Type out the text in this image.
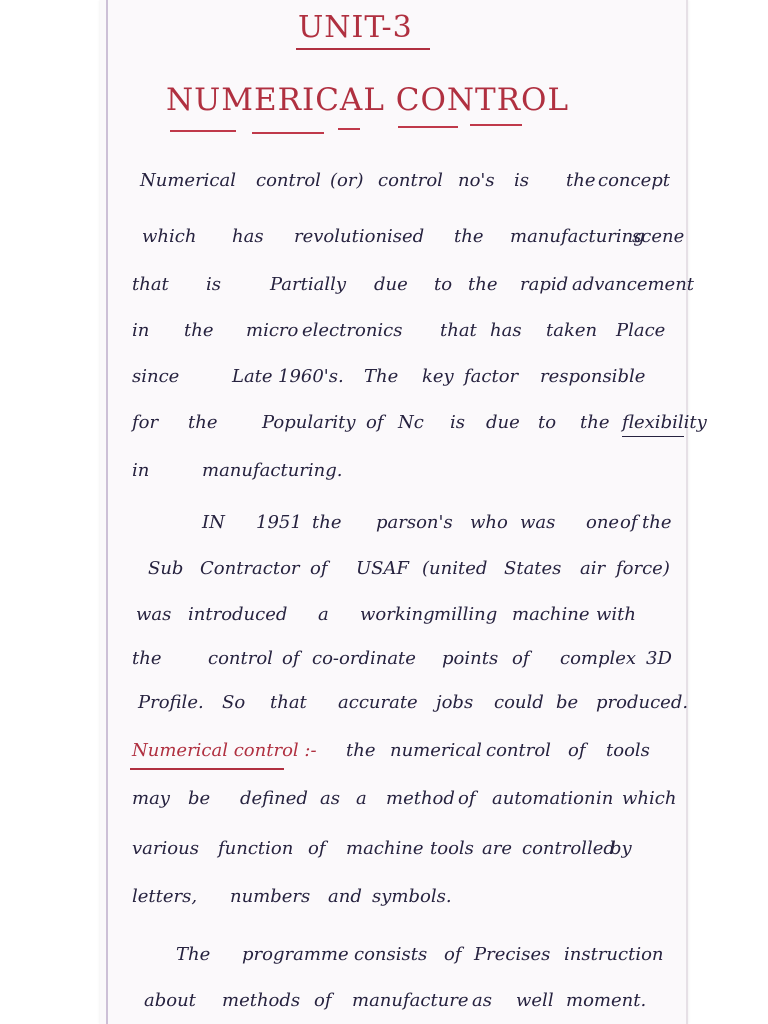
UNIT-3
NUMERICAL CONTROL
Numerical control (or) control no's is the concept
which has revolutionised the manufacturing
scene
that is	Partially due to the rapid advancement
in the micro electronics that has taken Place
since	Late 1960's. The key factor responsible
for the Popularity of Nc is due to the flexibility
in	manufacturing.
IN 1951 the parson's who was one of the
Sub Contractor of USAF (united States air force)
was introduced a working milling machine with
the	control of co-ordinate points of complex 3D
Profile. So that accurate jobs could be produced.
Numerical control :- the numerical control of tools
may be defined as a method of automation in which
various function of machine tools are controlled
by
letters, numbers and symbols.
The programme consists of Precises instruction
about methods of manufacture as well moment.
